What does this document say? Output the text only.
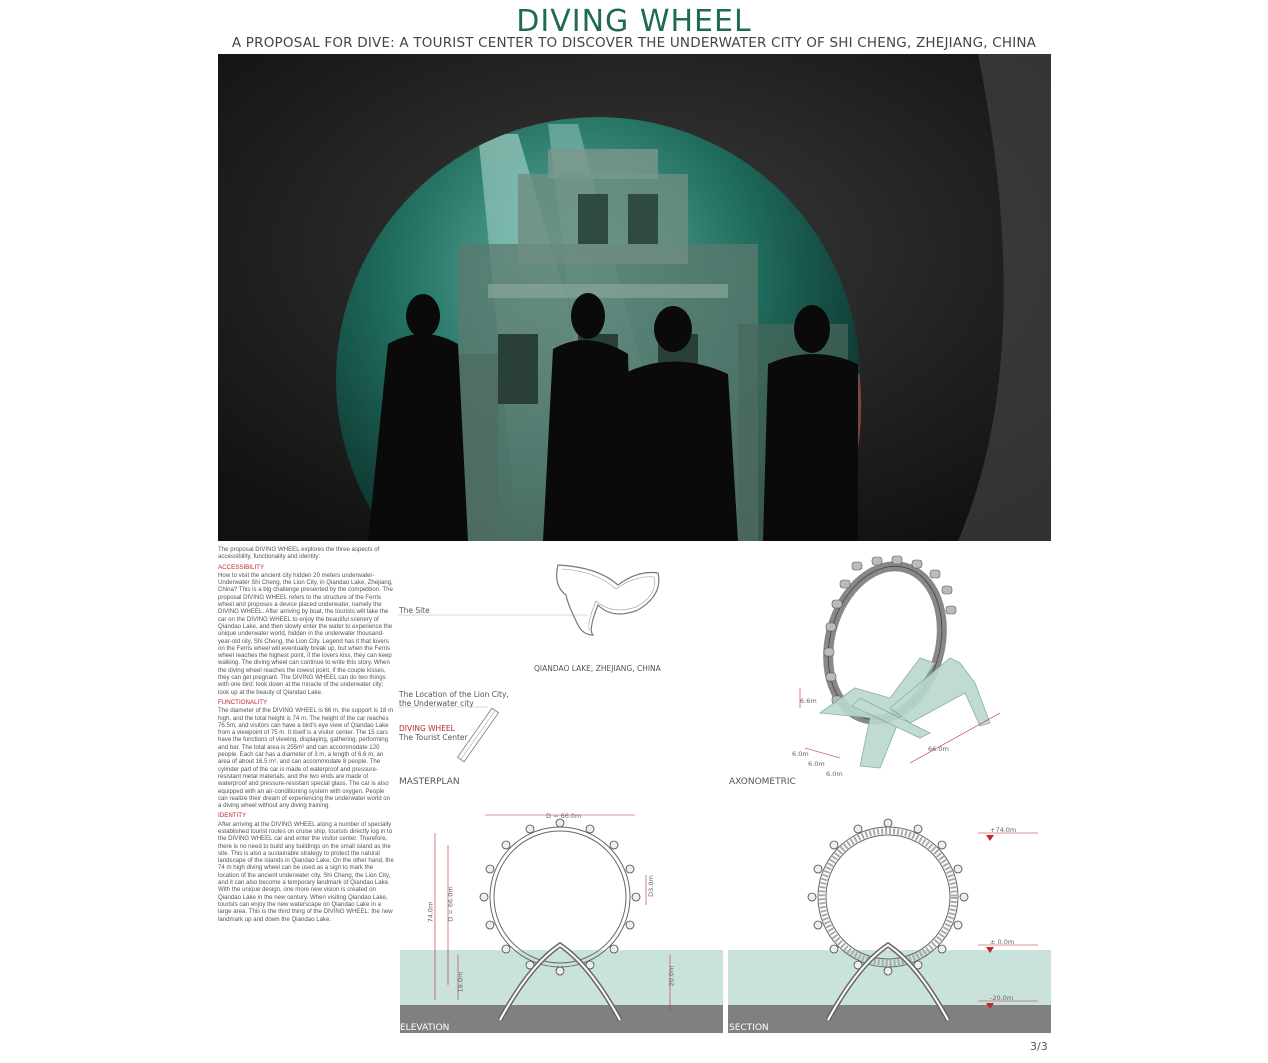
DIVING WHEEL
A PROPOSAL FOR DIVE: A TOURIST CENTER TO DISCOVER THE UNDERWATER CITY OF SHI CHENG, ZHEJIANG, CHINA

The proposal DIVING WHEEL explores the three aspects of accessibility, functionality and identity:

ACCESSIBILITY

How to visit the ancient city hidden 20 meters underwater-Underwater Shi Cheng, the Lion City, in Qiandao Lake, Zhejiang, China? This is a big challenge presented by the competition. The proposal DIVING WHEEL refers to the structure of the Ferris wheel and proposes a device placed underwater, namely the DIVING WHEEL. After arriving by boat, the tourists will take the car on the DIVING WHEEL to enjoy the beautiful scenery of Qiandao Lake, and then slowly enter the water to experience the unique underwater world, hidden in the underwater thousand-year-old city, Shi Cheng, the Lion City. Legend has it that lovers on the Ferris wheel will eventually break up, but when the Ferris wheel reaches the highest point, if the lovers kiss, they can keep walking. The diving wheel can continue to write this story. When the diving wheel reaches the lowest point, if the couple kisses, they can get pregnant. The DIVING WHEEL can do two things with one bird: look down at the miracle of the underwater city; look up at the beauty of Qiandao Lake.

FUNCTIONALITY

The diameter of the DIVING WHEEL is 66 m, the support is 18 m high, and the total height is 74 m. The height of the car reaches 76.5m, and visitors can have a bird's eye view of Qiandao Lake from a viewpoint of 75 m. It itself is a visitor center. The 15 cars have the functions of viewing, displaying, gathering, performing and bar. The total area is 255m² and can accommodate 120 people. Each car has a diameter of 3 m, a length of 6.6 m, an area of about 16.5 m², and can accommodate 8 people. The cylinder part of the car is made of waterproof and pressure-resistant metal materials, and the two ends are made of waterproof and pressure-resistant special glass. The car is also equipped with an air-conditioning system with oxygen. People can realize their dream of experiencing the underwater world on a diving wheel without any diving training.

IDENTITY

After arriving at the DIVING WHEEL along a number of specially established tourist routes on cruise ship, tourists directly log in to the DIVING WHEEL car and enter the visitor center. Therefore, there is no need to build any buildings on the small island as the site. This is also a sustainable strategy to protect the natural landscape of the islands in Qiandao Lake. On the other hand, the 74 m high diving wheel can be used as a sign to mark the location of the ancient underwater city, Shi Cheng, the Lion City, and it can also become a temporary landmark of Qiandao Lake. With the unique design, one more new vision is created on Qiandao Lake in the new century. When visiting Qiandao Lake, tourists can enjoy the new waterscape on Qiandao Lake in a large area. This is the third thing of the DIVING WHEEL: the new landmark up and down the Qiandao Lake.

The Site
QIANDAO LAKE, ZHEJIANG, CHINA
The Location of the Lion City, the Underwater city
DIVING WHEEL
The Tourist Center
MASTERPLAN
6.6m
66.0m
6.0m
6.0m
6.0m
AXONOMETRIC
D = 66.0m
74.0m D = 66.0m
18.0m	20.0m
D3.0m
ELEVATION
+74.0m
± 0.0m
-20.0m
SECTION
3/3
